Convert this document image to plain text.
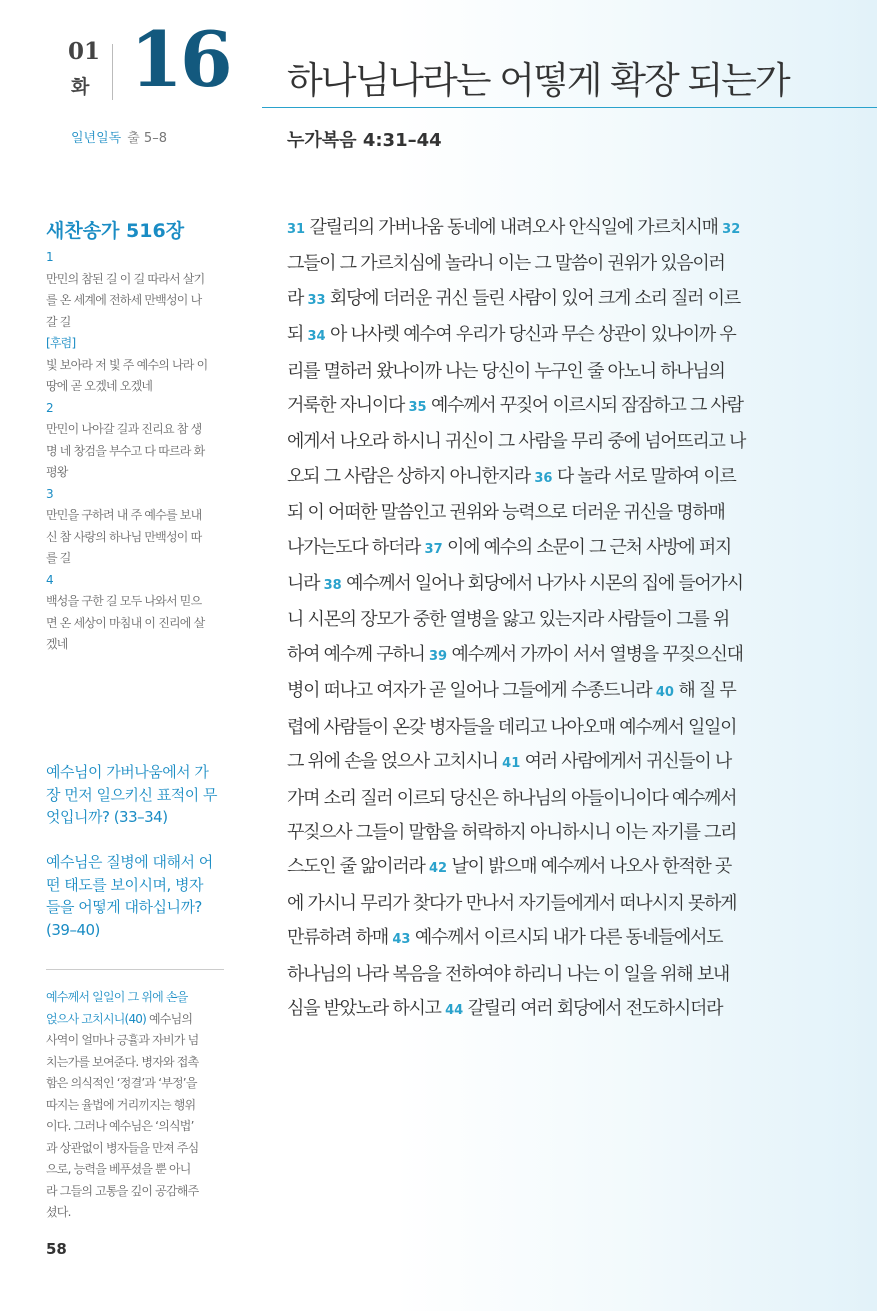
01
화 16 하나님나라는 어떻게 확장 되는가
일년일독 출 5–8	누가복음 4:31–44
새찬송가 516장
1
만민의 참된 길 이 길 따라서 살기
를 온 세계에 전하세 만백성이 나
갈 길
[후렴]
빛 보아라 저 빛 주 예수의 나라 이
땅에 곧 오겠네 오겠네
2
만민이 나아갈 길과 진리요 참 생
명 네 창검을 부수고 다 따르라 화
평왕
3
만민을 구하려 내 주 예수를 보내
신 참 사랑의 하나님 만백성이 따
를 길
4
백성을 구한 길 모두 나와서 믿으
면 온 세상이 마침내 이 진리에 살
겠네
예수님이 가버나움에서 가
장 먼저 일으키신 표적이 무
엇입니까? (33–34)
예수님은 질병에 대해서 어
떤 태도를 보이시며, 병자
들을 어떻게 대하십니까?
(39–40)
예수께서 일일이 그 위에 손을
얹으사 고치시니(40) 예수님의
사역이 얼마나 긍휼과 자비가 넘
치는가를 보여준다. 병자와 접촉
함은 의식적인 ‘정결’과 ‘부정’을
따지는 율법에 거리끼지는 행위
이다. 그러나 예수님은 ‘의식법’
과 상관없이 병자들을 만져 주심
으로, 능력을 베푸셨을 뿐 아니
라 그들의 고통을 깊이 공감해주
셨다.
58
31 갈릴리의 가버나움 동네에 내려오사 안식일에 가르치시매 32
그들이 그 가르치심에 놀라니 이는 그 말씀이 권위가 있음이러
라 33 회당에 더러운 귀신 들린 사람이 있어 크게 소리 질러 이르
되 34 아 나사렛 예수여 우리가 당신과 무슨 상관이 있나이까 우
리를 멸하러 왔나이까 나는 당신이 누구인 줄 아노니 하나님의
거룩한 자니이다 35 예수께서 꾸짖어 이르시되 잠잠하고 그 사람
에게서 나오라 하시니 귀신이 그 사람을 무리 중에 넘어뜨리고 나
오되 그 사람은 상하지 아니한지라 36 다 놀라 서로 말하여 이르
되 이 어떠한 말씀인고 권위와 능력으로 더러운 귀신을 명하매
나가는도다 하더라 37 이에 예수의 소문이 그 근처 사방에 퍼지
니라 38 예수께서 일어나 회당에서 나가사 시몬의 집에 들어가시
니 시몬의 장모가 중한 열병을 앓고 있는지라 사람들이 그를 위
하여 예수께 구하니 39 예수께서 가까이 서서 열병을 꾸짖으신대
병이 떠나고 여자가 곧 일어나 그들에게 수종드니라 40 해 질 무
렵에 사람들이 온갖 병자들을 데리고 나아오매 예수께서 일일이
그 위에 손을 얹으사 고치시니 41 여러 사람에게서 귀신들이 나
가며 소리 질러 이르되 당신은 하나님의 아들이니이다 예수께서
꾸짖으사 그들이 말함을 허락하지 아니하시니 이는 자기를 그리
스도인 줄 앎이러라 42 날이 밝으매 예수께서 나오사 한적한 곳
에 가시니 무리가 찾다가 만나서 자기들에게서 떠나시지 못하게
만류하려 하매 43 예수께서 이르시되 내가 다른 동네들에서도
하나님의 나라 복음을 전하여야 하리니 나는 이 일을 위해 보내
심을 받았노라 하시고 44 갈릴리 여러 회당에서 전도하시더라
